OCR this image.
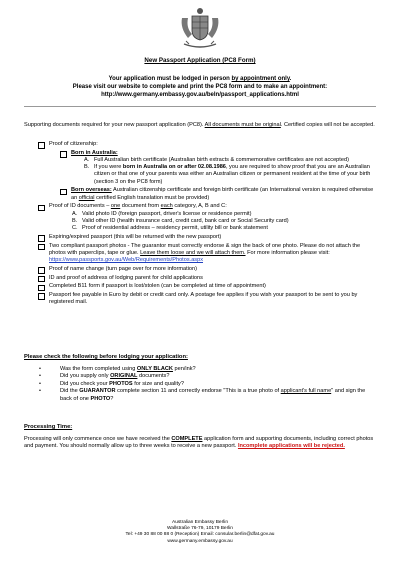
New Passport Application (PC8 Form)
Your application must be lodged in person by appointment only.
Please visit our website to complete and print the PC8 form and to make an appointment:
http://www.germany.embassy.gov.au/beln/passport_applications.html
Supporting documents required for your new passport application (PC8). All documents must be original. Certified copies will not be accepted.
Proof of citizenship:
Born in Australia:
A. Full Australian birth certificate (Australian birth extracts & commemorative certificates are not accepted)
B. If you were born in Australia on or after 02.08.1986, you are required to show proof that you are an Australian citizen or that one of your parents was either an Australian citizen or permanent resident at the time of your birth (section 3 on the PC8 form)
Born overseas: Australian citizenship certificate and foreign birth certificate (an International version is required otherwise an official certified English translation must be provided)
Proof of ID documents – one document from each category, A, B and C:
A. Valid photo ID (foreign passport, driver's license or residence permit)
B. Valid other ID (health insurance card, credit card, bank card or Social Security card)
C. Proof of residential address – residency permit, utility bill or bank statement
Expiring/expired passport (this will be returned with the new passport)
Two compliant passport photos - The guarantor must correctly endorse & sign the back of one photo. Please do not attach the photos with paperclips, tape or glue. Leave them loose and we will attach them. For more information please visit: https://www.passports.gov.au/Web/Requirements/Photos.aspx
Proof of name change (turn page over for more information)
ID and proof of address of lodging parent for child applications
Completed B11 form if passport is lost/stolen (can be completed at time of appointment)
Passport fee payable in Euro by debit or credit card only. A postage fee applies if you wish your passport to be sent to you by registered mail.
Please check the following before lodging your application:
•	Was the form completed using ONLY BLACK pen/ink?
•	Did you supply only ORIGINAL documents?
•	Did you check your PHOTOS for size and quality?
•	Did the GUARANTOR complete section 11 and correctly endorse "This is a true photo of applicant's full name" and sign the back of one PHOTO?
Processing Time:
Processing will only commence once we have received the COMPLETE application form and supporting documents, including correct photos and payment. You should normally allow up to three weeks to receive a new passport. Incomplete applications will be rejected.
Australian Embassy Berlin
Wallstraße 76-79, 10179 Berlin
Tel: +49 30 88 00 88 0 (Reception) Email: consular.berlin@dfat.gov.au
www.germany.embassy.gov.au
